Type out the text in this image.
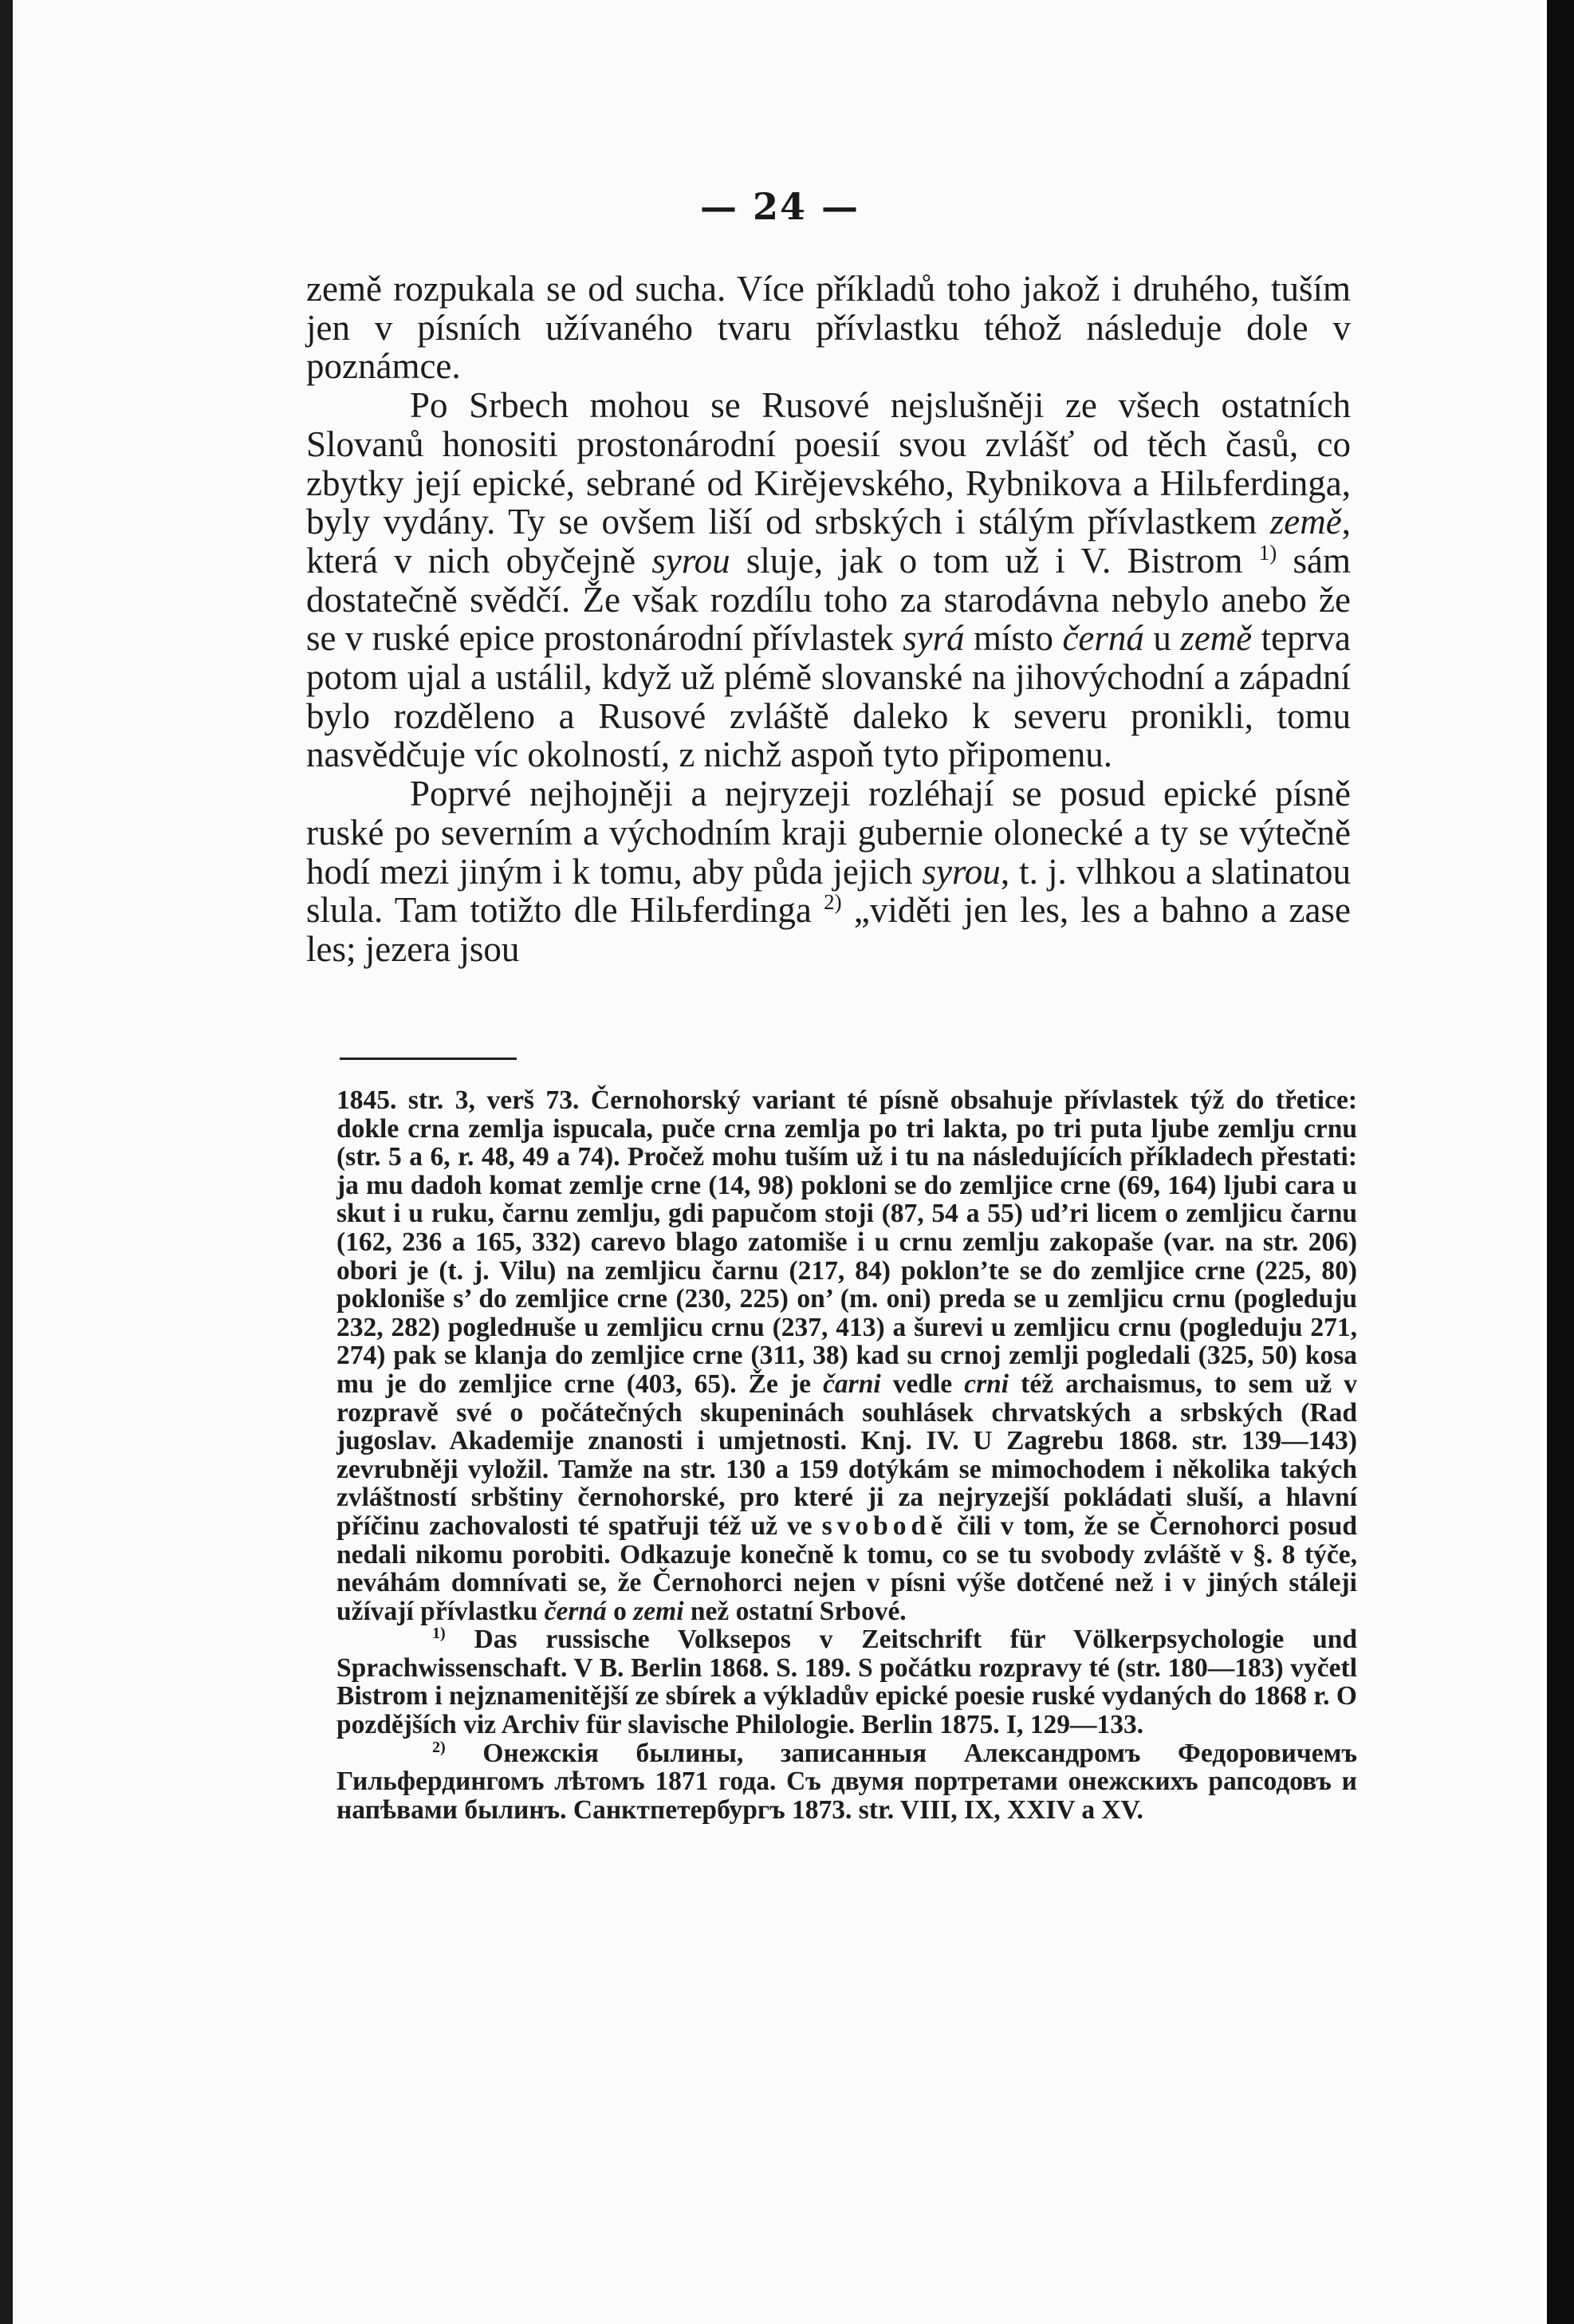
— 24 —

země rozpukala se od sucha. Více příkladů toho jakož i druhého, tuším jen v písních užívaného tvaru přívlastku téhož následuje dole v poznámce.

Po Srbech mohou se Rusové nejslušněji ze všech ostatních Slovanů honositi prostonárodní poesií svou zvlášť od těch časů, co zbytky její epické, sebrané od Kirějevského, Rybnikova a Hilьferdinga, byly vydány. Ty se ovšem liší od srbských i stálým přívlastkem země, která v nich obyčejně syrou sluje, jak o tom už i V. Bistrom $^{1)}$ sám dostatečně svědčí. Že však rozdílu toho za starodávna nebylo anebo že se v ruské epice prostonárodní přívlastek syrá místo černá u země teprva potom ujal a ustálil, když už plémě slovanské na jihovýchodní a západní bylo rozděleno a Rusové zvláště daleko k severu pronikli, tomu nasvědčuje víc okolností, z nichž aspoň tyto připomenu.

Poprvé nejhojněji a nejryzeji rozléhají se posud epické písně ruské po severním a východním kraji gubernie olonecké a ty se výtečně hodí mezi jiným i k tomu, aby půda jejich syrou, t. j. vlhkou a slatinatou slula. Tam totižto dle Hilьferdinga $^{2)}$ „viděti jen les, les a bahno a zase les; jezera jsou

1845. str. 3, verš 73. Černohorský variant té písně obsahuje přívlastek týž do třetice: dokle crna zemlja ispucala, puče crna zemlja po tri lakta, po tri puta ljube zemlju crnu (str. 5 a 6, r. 48, 49 a 74). Pročež mohu tuším už i tu na následujících příkladech přestati: ja mu dadoh komat zemlje crne (14, 98) pokloni se do zemljice crne (69, 164) ljubi cara u skut i u ruku, čarnu zemlju, gdi papučom stoji (87, 54 a 55) ud’ri licem o zemljicu čarnu (162, 236 a 165, 332) carevo blago zatomiše i u crnu zemlju zakopaše (var. na str. 206) obori je (t. j. Vilu) na zemljicu čarnu (217, 84) poklon’te se do zemljice crne (225, 80) pokloniše s’ do zemljice crne (230, 225) on’ (m. oni) preda se u zemljicu crnu (pogleduju 232, 282) pogledнuše u zemljicu crnu (237, 413) a šurevi u zemljicu crnu (pogleduju 271, 274) pak se klanja do zemljice crne (311, 38) kad su crnoj zemlji pogledali (325, 50) kosa mu je do zemljice crne (403, 65). Že je čarni vedle crni též archaismus, to sem už v rozpravě své o počátečných skupeninách souhlásek chrvatských a srbských (Rad jugoslav. Akademije znanosti i umjetnosti. Knj. IV. U Zagrebu 1868. str. 139—143) zevrubněji vyložil. Tamže na str. 130 a 159 dotýkám se mimochodem i několika takých zvláštností srbštiny černohorské, pro které ji za nejryzejší pokládati sluší, a hlavní příčinu zachovalosti té spatřuji též už ve svobodě čili v tom, že se Černohorci posud nedali nikomu porobiti. Odkazuje konečně k tomu, co se tu svobody zvláště v §. 8 týče, neváhám domnívati se, že Černohorci nejen v písni výše dotčené než i v jiných stáleji užívají přívlastku černá o zemi než ostatní Srbové.

$^{1)}$ Das russische Volksepos v Zeitschrift für Völkerpsychologie und Sprachwissenschaft. V B. Berlin 1868. S. 189. S počátku rozpravy té (str. 180—183) vyčetl Bistrom i nejznamenitější ze sbírek a výkladův epické poesie ruské vydaných do 1868 r. O pozdějších viz Archiv für slavische Philologie. Berlin 1875. I, 129—133.

$^{2)}$ Онежскія былины, записанныя Александромъ Федоровичемъ Гильфердингомъ лѣтомъ 1871 года. Съ двумя портретами онежскихъ рапсодовъ и напѣвами былинъ. Санктпетербургъ 1873. str. VIII, IX, XXIV a XV.
